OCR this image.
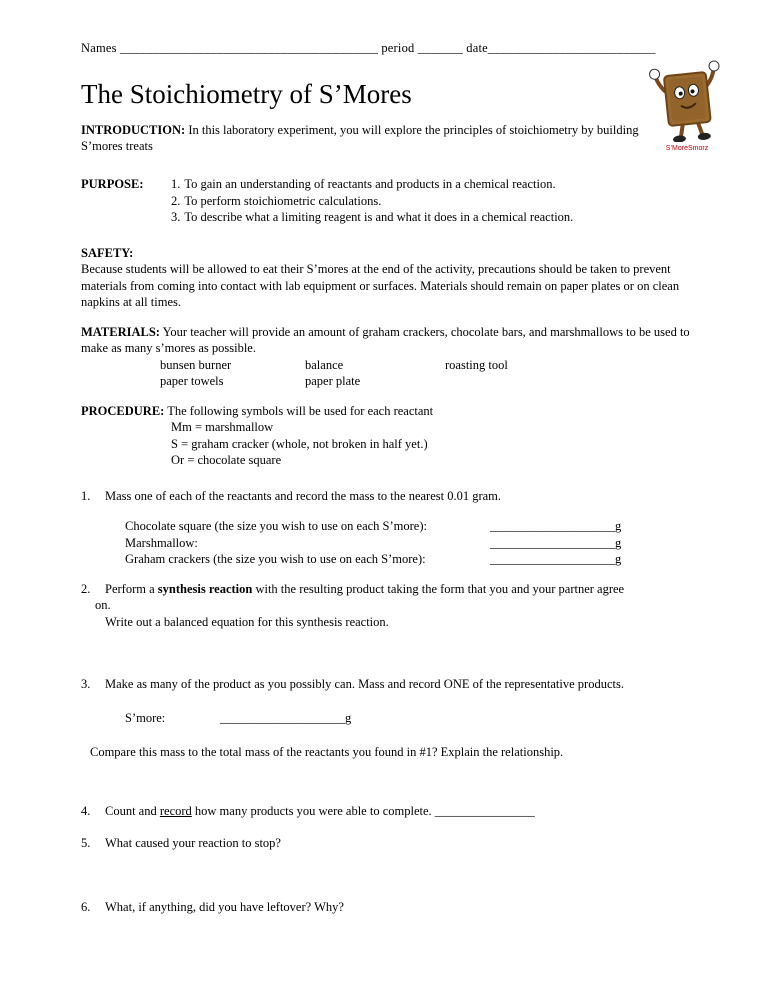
Names ________________________________________ period _______ date__________________________

S’MoreSmorz
The Stoichiometry of S’Mores

INTRODUCTION: In this laboratory experiment, you will explore the principles of stoichiometry by building S’mores treats

PURPOSE:	1. To gain an understanding of reactants and products in a chemical reaction.
2. To perform stoichiometric calculations.
3. To describe what a limiting reagent is and what it does in a chemical reaction.

SAFETY:
Because students will be allowed to eat their S’mores at the end of the activity, precautions should be taken to prevent materials from coming into contact with lab equipment or surfaces. Materials should remain on paper plates or on clean napkins at all times.

MATERIALS: Your teacher will provide an amount of graham crackers, chocolate bars, and marshmallows to be used to make as many s’mores as possible.

bunsen burner	balance	roasting tool
paper towels	paper plate

PROCEDURE: The following symbols will be used for each reactant

Mm = marshmallow
S = graham cracker (whole, not broken in half yet.)
Or = chocolate square
1.	Mass one of each of the reactants and record the mass to the nearest 0.01 gram.
Chocolate square (the size you wish to use on each S’more):	____________________g
Marshmallow:	____________________g
Graham crackers (the size you wish to use on each S’more):	____________________g
2.	Perform a synthesis reaction with the resulting product taking the form that you and your partner agree
on.
Write out a balanced equation for this synthesis reaction.
3.	Make as many of the product as you possibly can. Mass and record ONE of the representative products.
S’more:	____________________g
Compare this mass to the total mass of the reactants you found in #1? Explain the relationship.
4.	Count and record how many products you were able to complete. ________________
5.	What caused your reaction to stop?
6.	What, if anything, did you have leftover? Why?
